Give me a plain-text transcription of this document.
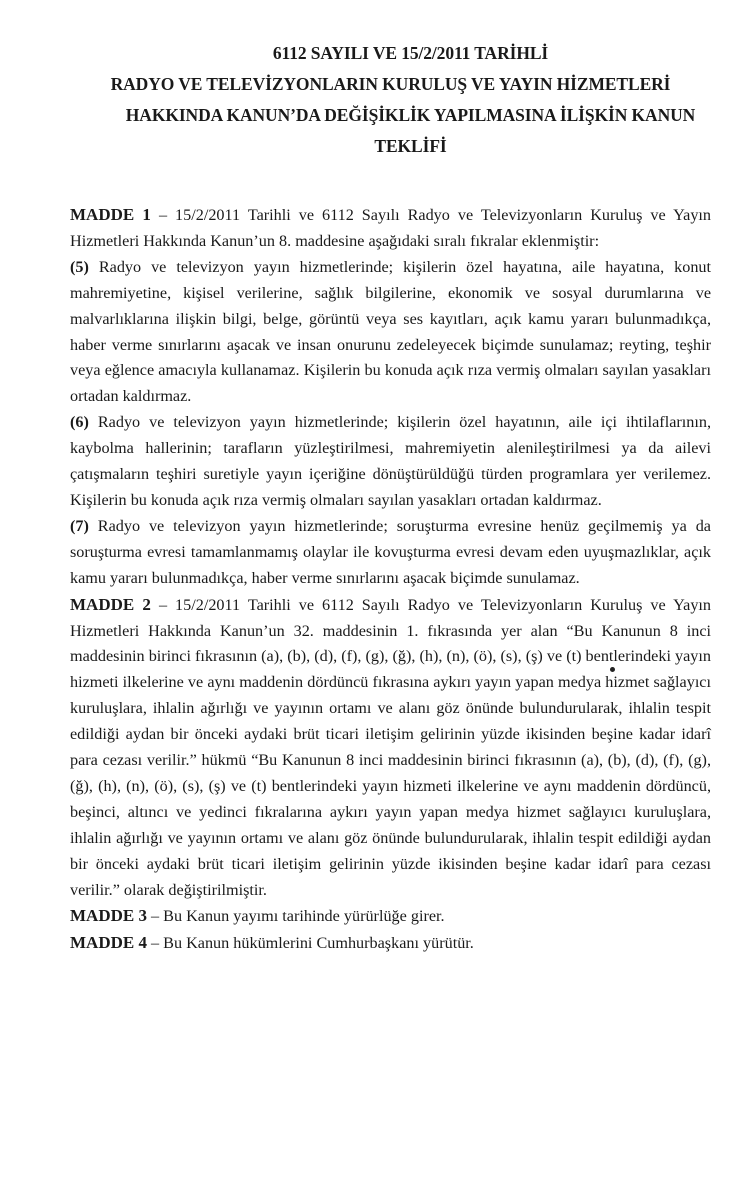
6112 SAYILI VE 15/2/2011 TARİHLİ
RADYO VE TELEVİZYONLARIN KURULUŞ VE YAYIN HİZMETLERİ
HAKKINDA KANUN’DA DEĞİŞİKLİK YAPILMASINA İLİŞKİN KANUN TEKLİFİ

MADDE 1 – 15/2/2011 Tarihli ve 6112 Sayılı Radyo ve Televizyonların Kuruluş ve Yayın Hizmetleri Hakkında Kanun’un 8. maddesine aşağıdaki sıralı fıkralar eklenmiştir:

(5) Radyo ve televizyon yayın hizmetlerinde; kişilerin özel hayatına, aile hayatına, konut mahremiyetine, kişisel verilerine, sağlık bilgilerine, ekonomik ve sosyal durumlarına ve malvarlıklarına ilişkin bilgi, belge, görüntü veya ses kayıtları, açık kamu yararı bulunmadıkça, haber verme sınırlarını aşacak ve insan onurunu zedeleyecek biçimde sunulamaz; reyting, teşhir veya eğlence amacıyla kullanamaz. Kişilerin bu konuda açık rıza vermiş olmaları sayılan yasakları ortadan kaldırmaz.

(6) Radyo ve televizyon yayın hizmetlerinde; kişilerin özel hayatının, aile içi ihtilaflarının, kaybolma hallerinin; tarafların yüzleştirilmesi, mahremiyetin alenileştirilmesi ya da ailevi çatışmaların teşhiri suretiyle yayın içeriğine dönüştürüldüğü türden programlara yer verilemez. Kişilerin bu konuda açık rıza vermiş olmaları sayılan yasakları ortadan kaldırmaz.

(7) Radyo ve televizyon yayın hizmetlerinde; soruşturma evresine henüz geçilmemiş ya da soruşturma evresi tamamlanmamış olaylar ile kovuşturma evresi devam eden uyuşmazlıklar, açık kamu yararı bulunmadıkça, haber verme sınırlarını aşacak biçimde sunulamaz.

MADDE 2 – 15/2/2011 Tarihli ve 6112 Sayılı Radyo ve Televizyonların Kuruluş ve Yayın Hizmetleri Hakkında Kanun’un 32. maddesinin 1. fıkrasında yer alan “Bu Kanunun 8 inci maddesinin birinci fıkrasının (a), (b), (d), (f), (g), (ğ), (h), (n), (ö), (s), (ş) ve (t) bentlerindeki yayın hizmeti ilkelerine ve aynı maddenin dördüncü fıkrasına aykırı yayın yapan medya hizmet sağlayıcı kuruluşlara, ihlalin ağırlığı ve yayının ortamı ve alanı göz önünde bulundurularak, ihlalin tespit edildiği aydan bir önceki aydaki brüt ticari iletişim gelirinin yüzde ikisinden beşine kadar idarî para cezası verilir.” hükmü “Bu Kanunun 8 inci maddesinin birinci fıkrasının (a), (b), (d), (f), (g), (ğ), (h), (n), (ö), (s), (ş) ve (t) bentlerindeki yayın hizmeti ilkelerine ve aynı maddenin dördüncü, beşinci, altıncı ve yedinci fıkralarına aykırı yayın yapan medya hizmet sağlayıcı kuruluşlara, ihlalin ağırlığı ve yayının ortamı ve alanı göz önünde bulundurularak, ihlalin tespit edildiği aydan bir önceki aydaki brüt ticari iletişim gelirinin yüzde ikisinden beşine kadar idarî para cezası verilir.” olarak değiştirilmiştir.

MADDE 3 – Bu Kanun yayımı tarihinde yürürlüğe girer.

MADDE 4 – Bu Kanun hükümlerini Cumhurbaşkanı yürütür.
